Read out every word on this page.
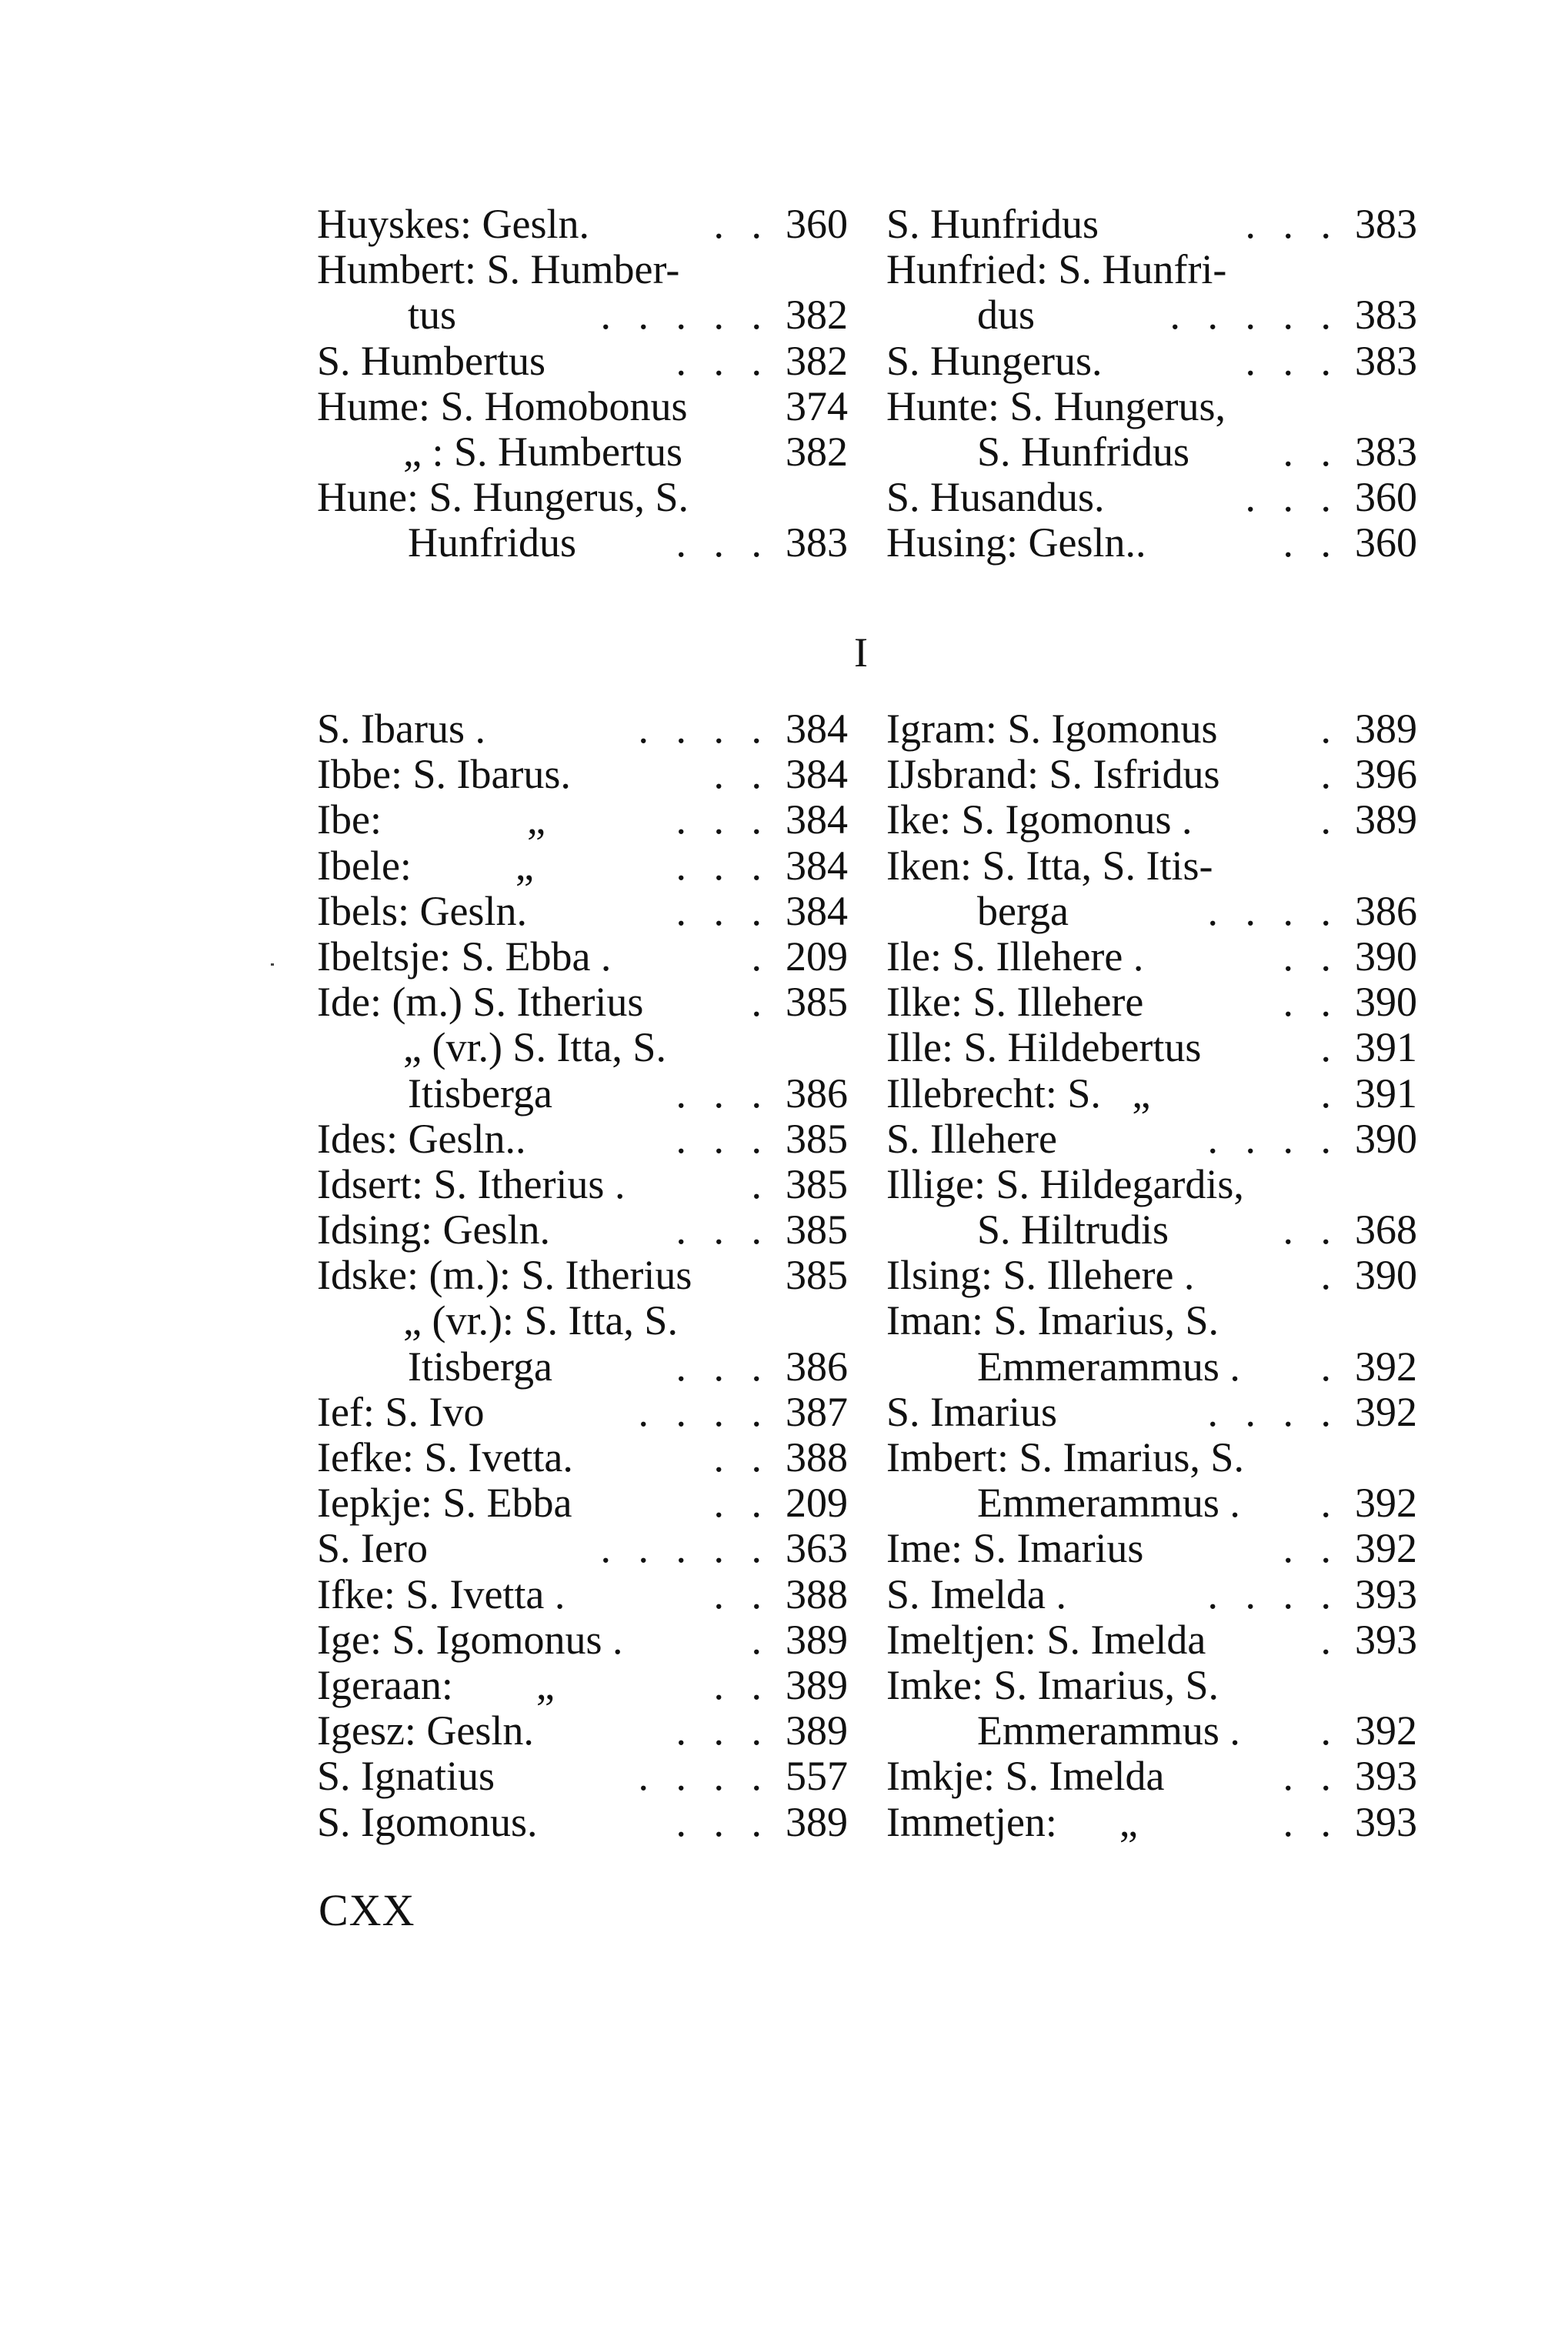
Huyskes: Gesln.	. . 360
Humbert: S. Humber-
tus	. . . . . 382
S. Humbertus	. . . 382
Hume: S. Homobonus	374
„ : S. Humbertus	382
Hune: S. Hungerus, S.
Hunfridus . . . 383
S. Hunfridus	. . . 383
Hunfried: S. Hunfri-
dus	. . . . . 383
S. Hungerus.	. . . 383
Hunte: S. Hungerus,
S. Hunfridus . . 383
S. Husandus.	. . . 360
Husing: Gesln..	. . 360
I
S. Ibarus .	. . . . 384
Ibbe: S. Ibarus.	. . 384
Ibe:              „	. . . 384
Ibele:          „	. . . 384
Ibels: Gesln.	. . . 384
Ibeltsje: S. Ebba .	. 209
Ide: (m.) S. Itherius	. 385
„ (vr.) S. Itta, S.
Itisberga	. . . 386
Ides: Gesln..	. . . 385
Idsert: S. Itherius .	. 385
Idsing: Gesln.	. . . 385
Idske: (m.): S. Itherius	385
„ (vr.): S. Itta, S.
Itisberga	. . . 386
Ief: S. Ivo	. . . . 387
Iefke: S. Ivetta.	. . 388
Iepkje: S. Ebba	. . 209
S. Iero	. . . . . 363
Ifke: S. Ivetta .	. . 388
Ige: S. Igomonus .	. 389
Igeraan:        „	. . 389
Igesz: Gesln.	. . . 389
S. Ignatius	. . . . 557
S. Igomonus.	. . . 389
Igram: S. Igomonus . 389
IJsbrand: S. Isfridus . 396
Ike: S. Igomonus .	. 389
Iken: S. Itta, S. Itis-
berga	. . . . 386
Ile: S. Illehere .	. . 390
Ilke: S. Illehere	. . 390
Ille: S. Hildebertus	. 391
Illebrecht: S.   „	. 391
S. Illehere	. . . . 390
Illige: S. Hildegardis,
S. Hiltrudis	. . 368
Ilsing: S. Illehere .	. 390
Iman: S. Imarius, S.
Emmerammus . . 392
S. Imarius	. . . . 392
Imbert: S. Imarius, S.
Emmerammus . . 392
Ime: S. Imarius	. . 392
S. Imelda .	. . . . 393
Imeltjen: S. Imelda	. 393
Imke: S. Imarius, S.
Emmerammus . . 392
Imkje: S. Imelda	. . 393
Immetjen:      „	. . 393
CXX
